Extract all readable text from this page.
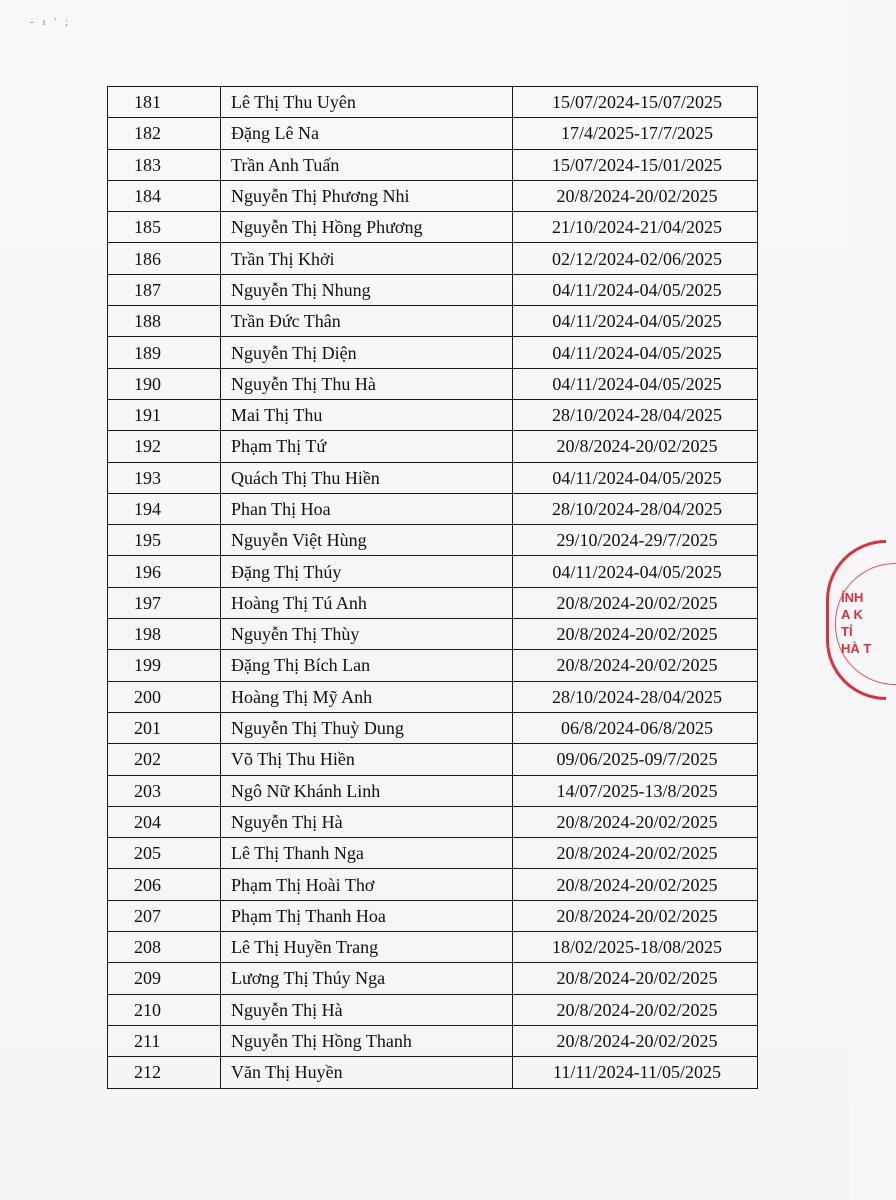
- ı ' ;
181	Lê Thị Thu Uyên	15/07/2024-15/07/2025
182	Đặng Lê Na	17/4/2025-17/7/2025
183	Trần Anh Tuấn	15/07/2024-15/01/2025
184	Nguyễn Thị Phương Nhi	20/8/2024-20/02/2025
185	Nguyễn Thị Hồng Phương	21/10/2024-21/04/2025
186	Trần Thị Khởi	02/12/2024-02/06/2025
187	Nguyễn Thị Nhung	04/11/2024-04/05/2025
188	Trần Đức Thân	04/11/2024-04/05/2025
189	Nguyễn Thị Diện	04/11/2024-04/05/2025
190	Nguyễn Thị Thu Hà	04/11/2024-04/05/2025
191	Mai Thị Thu	28/10/2024-28/04/2025
192	Phạm Thị Tứ	20/8/2024-20/02/2025
193	Quách Thị Thu Hiền	04/11/2024-04/05/2025
194	Phan Thị Hoa	28/10/2024-28/04/2025
195	Nguyễn Việt Hùng	29/10/2024-29/7/2025
196	Đặng Thị Thúy	04/11/2024-04/05/2025
197	Hoàng Thị Tú Anh	20/8/2024-20/02/2025
198	Nguyễn Thị Thùy	20/8/2024-20/02/2025
199	Đặng Thị Bích Lan	20/8/2024-20/02/2025
200	Hoàng Thị Mỹ Anh	28/10/2024-28/04/2025
201	Nguyễn Thị Thuỳ Dung	06/8/2024-06/8/2025
202	Võ Thị Thu Hiền	09/06/2025-09/7/2025
203	Ngô Nữ Khánh Linh	14/07/2025-13/8/2025
204	Nguyễn Thị Hà	20/8/2024-20/02/2025
205	Lê Thị Thanh Nga	20/8/2024-20/02/2025
206	Phạm Thị Hoài Thơ	20/8/2024-20/02/2025
207	Phạm Thị Thanh Hoa	20/8/2024-20/02/2025
208	Lê Thị Huyền Trang	18/02/2025-18/08/2025
209	Lương Thị Thúy Nga	20/8/2024-20/02/2025
210	Nguyễn Thị Hà	20/8/2024-20/02/2025
211	Nguyễn Thị Hồng Thanh	20/8/2024-20/02/2025
212	Văn Thị Huyền	11/11/2024-11/05/2025
ỈNH
A K
TỈ
HÀ T
